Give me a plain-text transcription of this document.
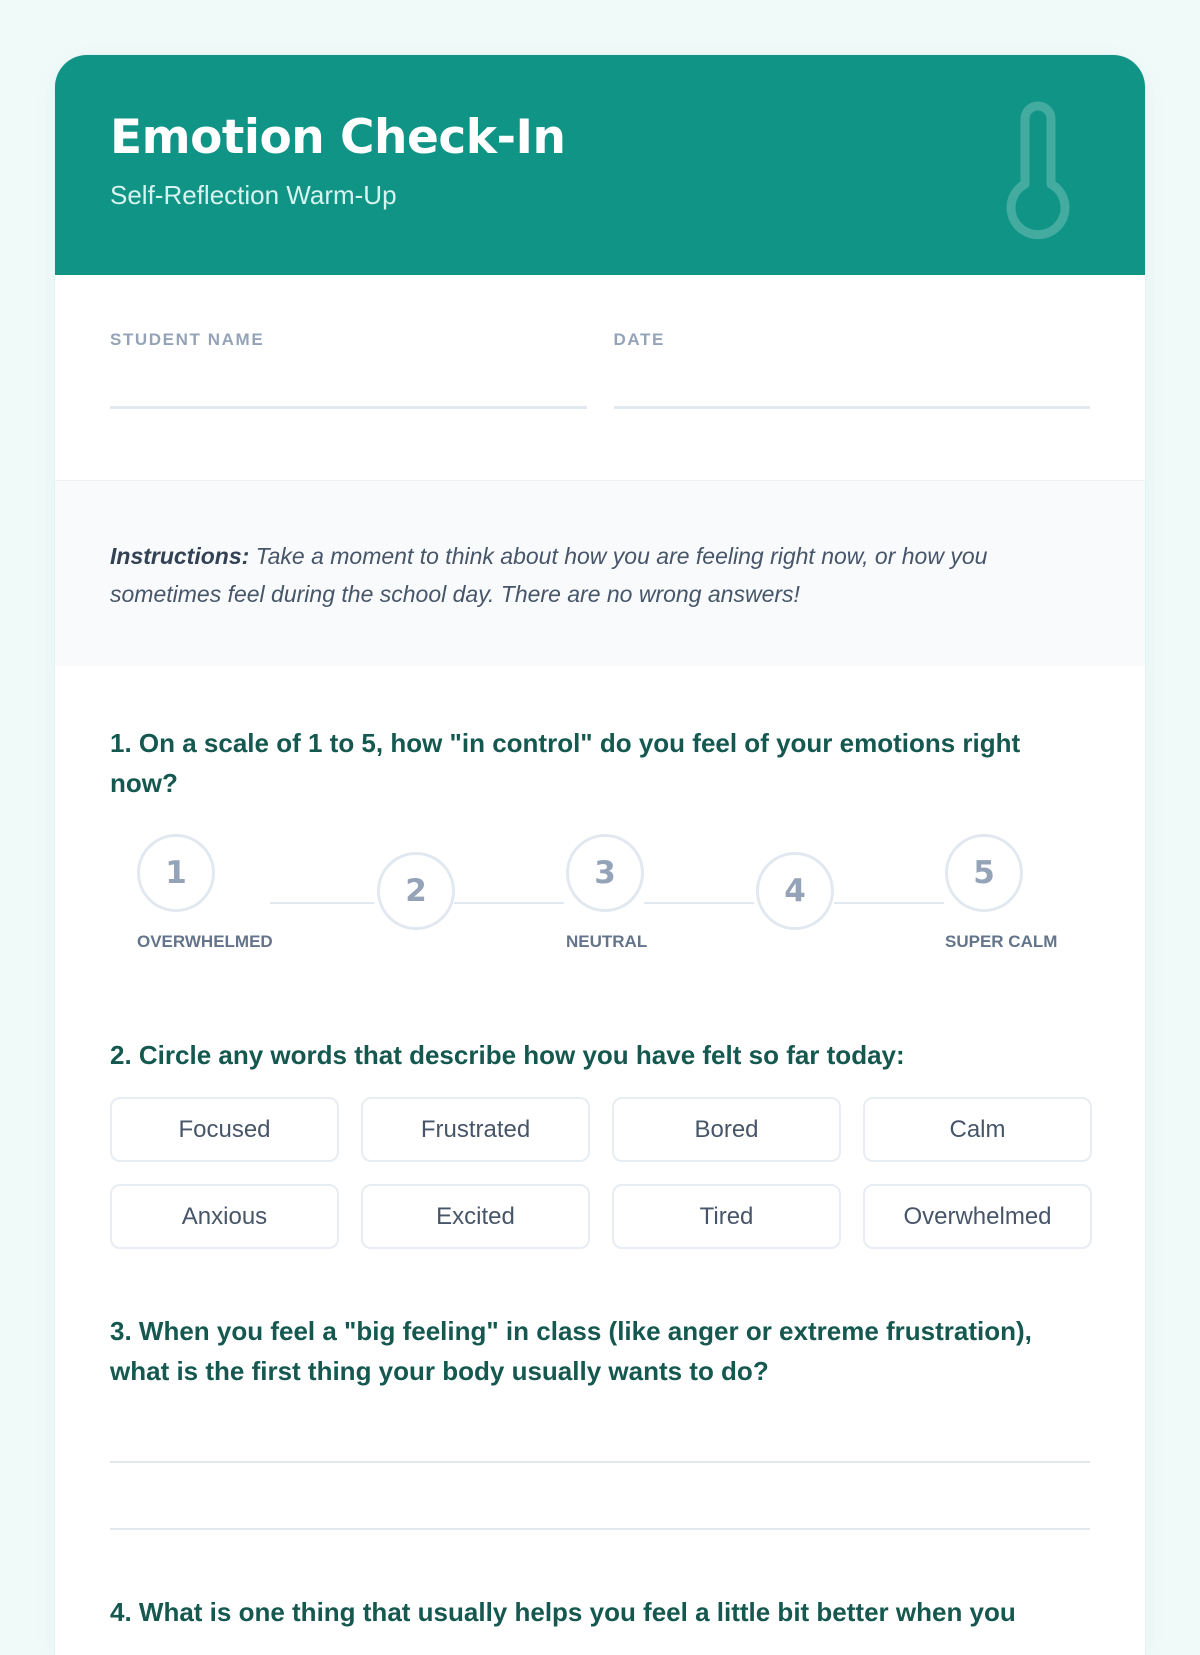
Emotion Check-In
Self-Reflection Warm-Up
STUDENT NAME	DATE
Instructions: Take a moment to think about how you are feeling right now, or how you sometimes feel during the school day. There are no wrong answers!
1. On a scale of 1 to 5, how "in control" do you feel of your emotions right now?
1	2	3	4	5
OVERWHELMED	NEUTRAL	SUPER CALM
2. Circle any words that describe how you have felt so far today:
Focused	Frustrated	Bored	Calm
Anxious	Excited	Tired	Overwhelmed
3. When you feel a "big feeling" in class (like anger or extreme frustration), what is the first thing your body usually wants to do?
4. What is one thing that usually helps you feel a little bit better when you
